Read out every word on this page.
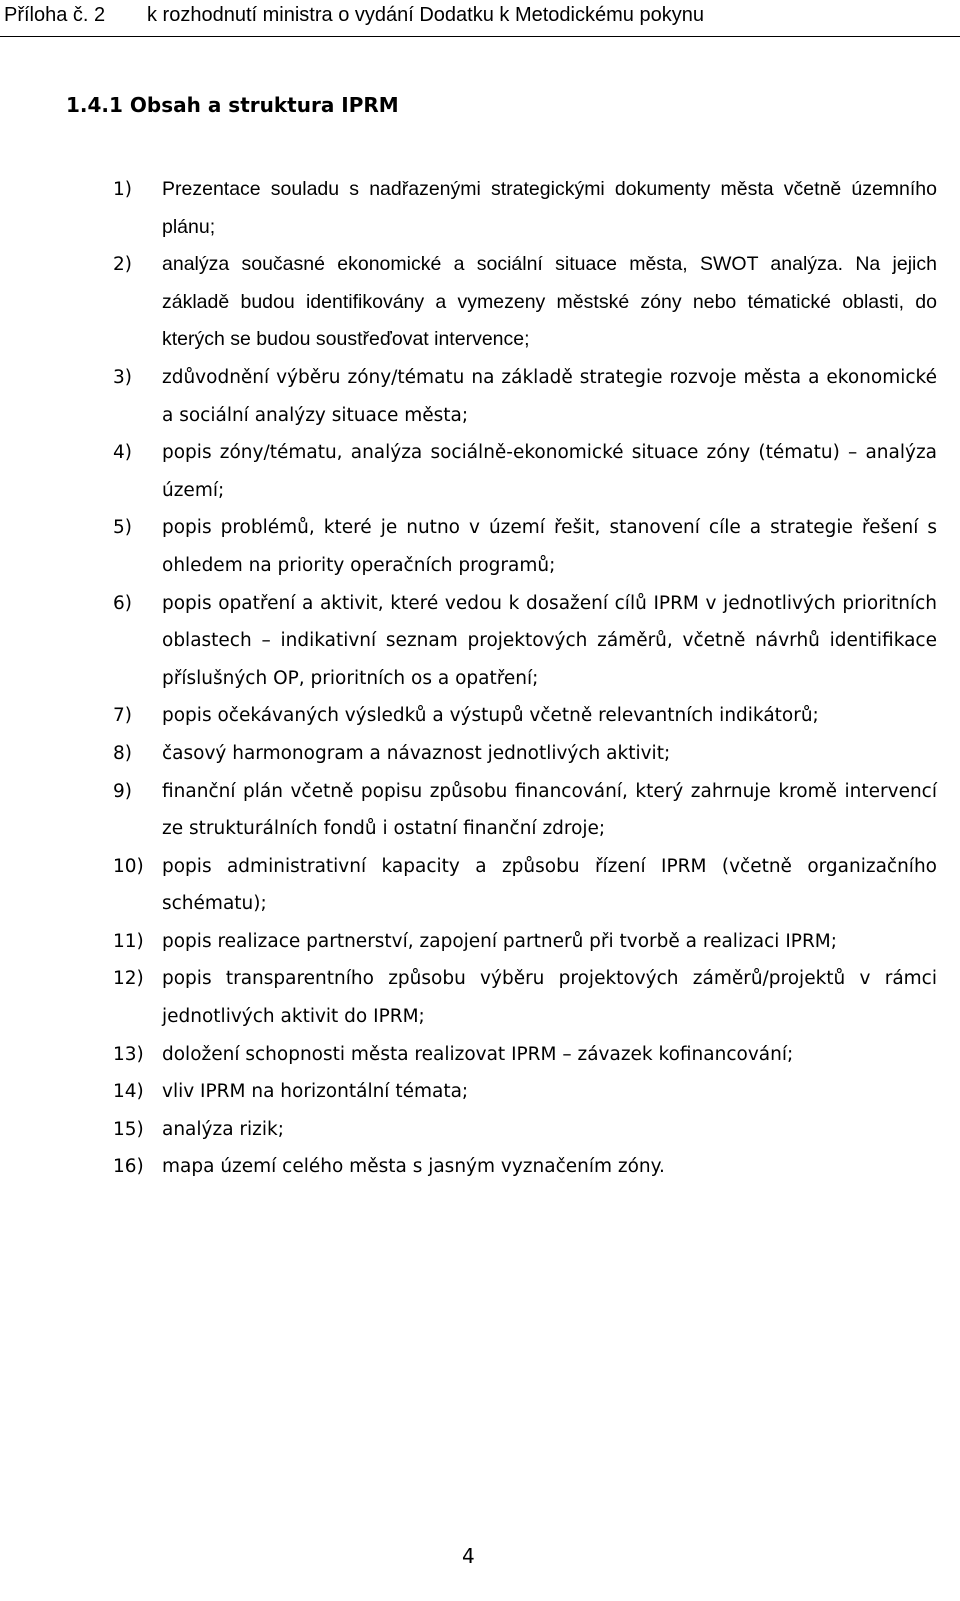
Příloha č. 2 k rozhodnutí ministra o vydání Dodatku k Metodickému pokynu
1.4.1 Obsah a struktura IPRM
1) Prezentace souladu s nadřazenými strategickými dokumenty města včetně územního plánu;
2) analýza současné ekonomické a sociální situace města, SWOT analýza. Na jejich základě budou identifikovány a vymezeny městské zóny nebo tématické oblasti, do kterých se budou soustřeďovat intervence;
3) zdůvodnění výběru zóny/tématu na základě strategie rozvoje města a ekonomické a sociální analýzy situace města;
4) popis zóny/tématu, analýza sociálně-ekonomické situace zóny (tématu) – analýza území;
5) popis problémů, které je nutno v území řešit, stanovení cíle a strategie řešení s ohledem na priority operačních programů;
6) popis opatření a aktivit, které vedou k dosažení cílů IPRM v jednotlivých prioritních oblastech – indikativní seznam projektových záměrů, včetně návrhů identifikace příslušných OP, prioritních os a opatření;
7) popis očekávaných výsledků a výstupů včetně relevantních indikátorů;
8) časový harmonogram a návaznost jednotlivých aktivit;
9) finanční plán včetně popisu způsobu financování, který zahrnuje kromě intervencí ze strukturálních fondů i ostatní finanční zdroje;
10) popis administrativní kapacity a způsobu řízení IPRM (včetně organizačního schématu);
11) popis realizace partnerství, zapojení partnerů při tvorbě a realizaci IPRM;
12) popis transparentního způsobu výběru projektových záměrů/projektů v rámci jednotlivých aktivit do IPRM;
13) doložení schopnosti města realizovat IPRM – závazek kofinancování;
14) vliv IPRM na horizontální témata;
15) analýza rizik;
16) mapa území celého města s jasným vyznačením zóny.
4
